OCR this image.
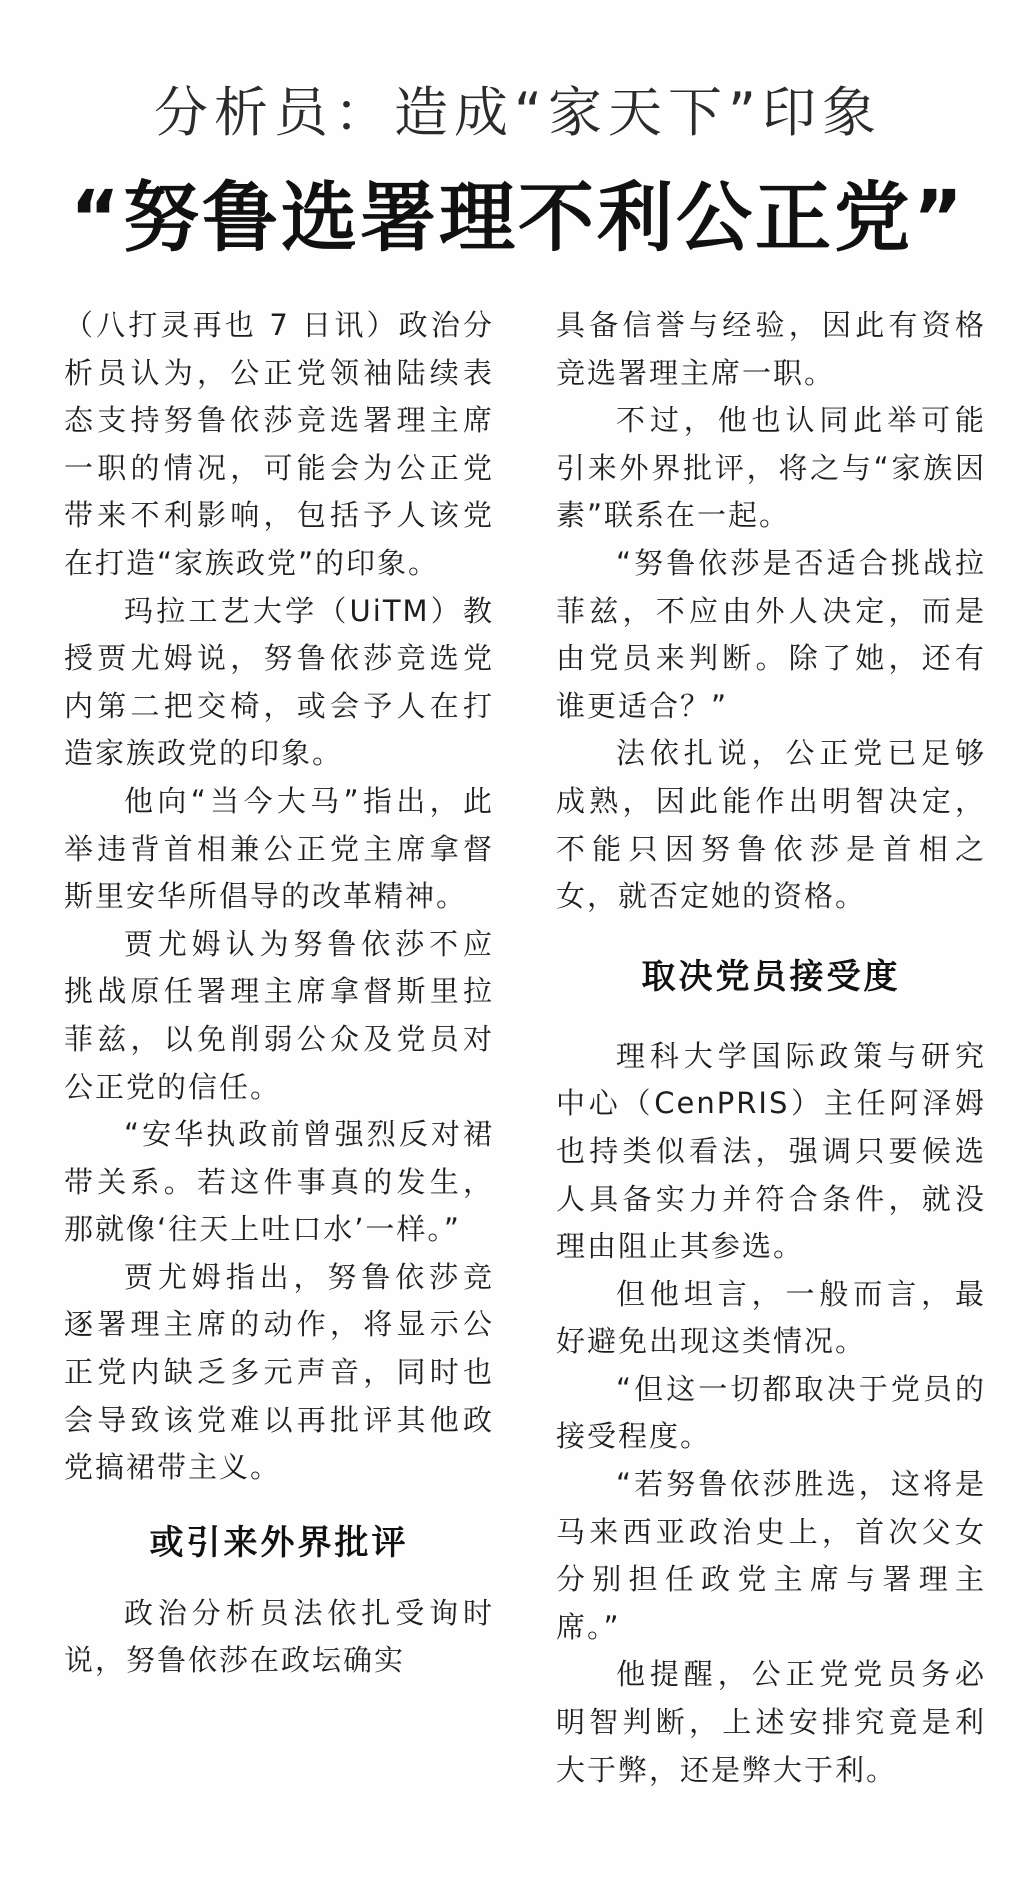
分析员：造成“家天下”印象
“努鲁选署理不利公正党”

（八打灵再也 7 日讯）政治分析员认为，公正党领袖陆续表态支持努鲁依莎竞选署理主席一职的情况，可能会为公正党带来不利影响，包括予人该党在打造“家族政党”的印象。

玛拉工艺大学（UiTM）教授贾尤姆说，努鲁依莎竞选党内第二把交椅，或会予人在打造家族政党的印象。

他向“当今大马”指出，此举违背首相兼公正党主席拿督斯里安华所倡导的改革精神。

贾尤姆认为努鲁依莎不应挑战原任署理主席拿督斯里拉菲兹，以免削弱公众及党员对公正党的信任。

“安华执政前曾强烈反对裙带关系。若这件事真的发生，那就像‘往天上吐口水’一样。”

贾尤姆指出，努鲁依莎竞逐署理主席的动作，将显示公正党内缺乏多元声音，同时也会导致该党难以再批评其他政党搞裙带主义。

或引来外界批评

政治分析员法依扎受询时说，努鲁依莎在政坛确实

具备信誉与经验，因此有资格竞选署理主席一职。

不过，他也认同此举可能引来外界批评，将之与“家族因素”联系在一起。

“努鲁依莎是否适合挑战拉菲兹，不应由外人决定，而是由党员来判断。除了她，还有谁更适合？”

法依扎说，公正党已足够成熟，因此能作出明智决定，不能只因努鲁依莎是首相之女，就否定她的资格。

取决党员接受度

理科大学国际政策与研究中心（CenPRIS）主任阿泽姆也持类似看法，强调只要候选人具备实力并符合条件，就没理由阻止其参选。

但他坦言，一般而言，最好避免出现这类情况。

“但这一切都取决于党员的接受程度。

“若努鲁依莎胜选，这将是马来西亚政治史上，首次父女分别担任政党主席与署理主席。”

他提醒，公正党党员务必明智判断，上述安排究竟是利大于弊，还是弊大于利。
